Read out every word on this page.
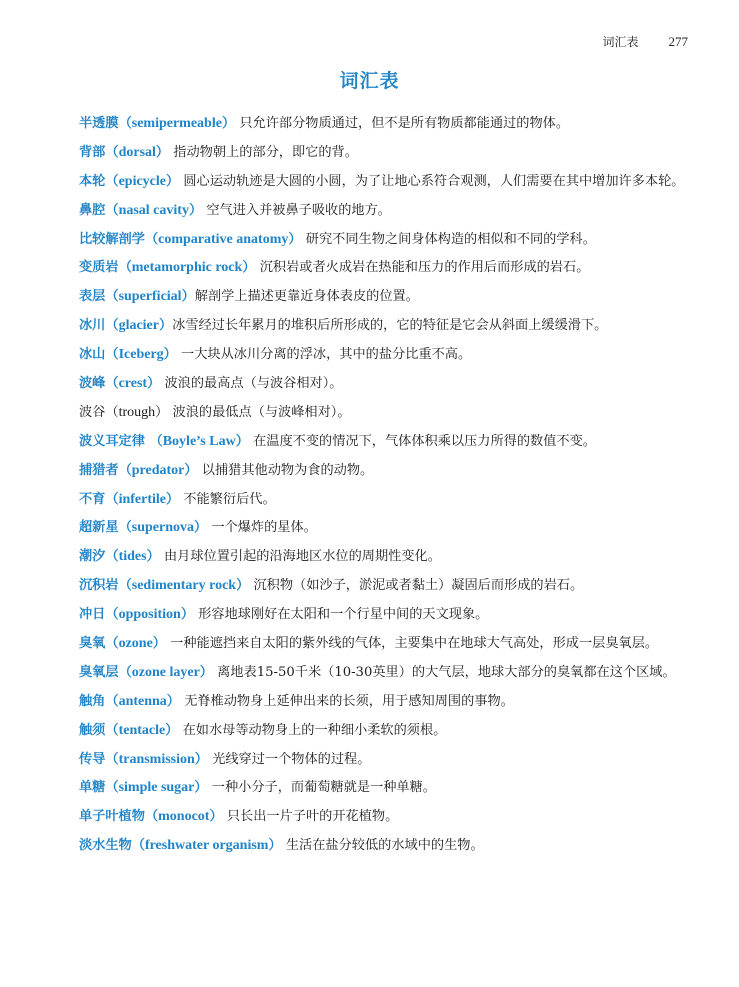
词汇表 277
词汇表

半透膜（semipermeable） 只允许部分物质通过，但不是所有物质都能通过的物体。

背部（dorsal） 指动物朝上的部分，即它的背。

本轮（epicycle） 圆心运动轨迹是大圆的小圆，为了让地心系符合观测，人们需要在其中增加许多本轮。

鼻腔（nasal cavity） 空气进入并被鼻子吸收的地方。

比较解剖学（comparative anatomy） 研究不同生物之间身体构造的相似和不同的学科。

变质岩（metamorphic rock） 沉积岩或者火成岩在热能和压力的作用后而形成的岩石。

表层（superficial）解剖学上描述更靠近身体表皮的位置。

冰川（glacier）冰雪经过长年累月的堆积后所形成的，它的特征是它会从斜面上缓缓滑下。

冰山（Iceberg） 一大块从冰川分离的浮冰，其中的盐分比重不高。

波峰（crest） 波浪的最高点（与波谷相对）。

波谷（trough） 波浪的最低点（与波峰相对）。

波义耳定律 （Boyle’s Law） 在温度不变的情况下，气体体积乘以压力所得的数值不变。

捕猎者（predator） 以捕猎其他动物为食的动物。

不育（infertile） 不能繁衍后代。

超新星（supernova） 一个爆炸的星体。

潮汐（tides） 由月球位置引起的沿海地区水位的周期性变化。

沉积岩（sedimentary rock） 沉积物（如沙子，淤泥或者黏土）凝固后而形成的岩石。

冲日（opposition） 形容地球刚好在太阳和一个行星中间的天文现象。

臭氧（ozone） 一种能遮挡来自太阳的紫外线的气体，主要集中在地球大气高处，形成一层臭氧层。

臭氧层（ozone layer） 离地表15-50千米（10-30英里）的大气层，地球大部分的臭氧都在这个区域。

触角（antenna） 无脊椎动物身上延伸出来的长须，用于感知周围的事物。

触须（tentacle） 在如水母等动物身上的一种细小柔软的须根。

传导（transmission） 光线穿过一个物体的过程。

单糖（simple sugar） 一种小分子，而葡萄糖就是一种单糖。

单子叶植物（monocot） 只长出一片子叶的开花植物。

淡水生物（freshwater organism） 生活在盐分较低的水域中的生物。
